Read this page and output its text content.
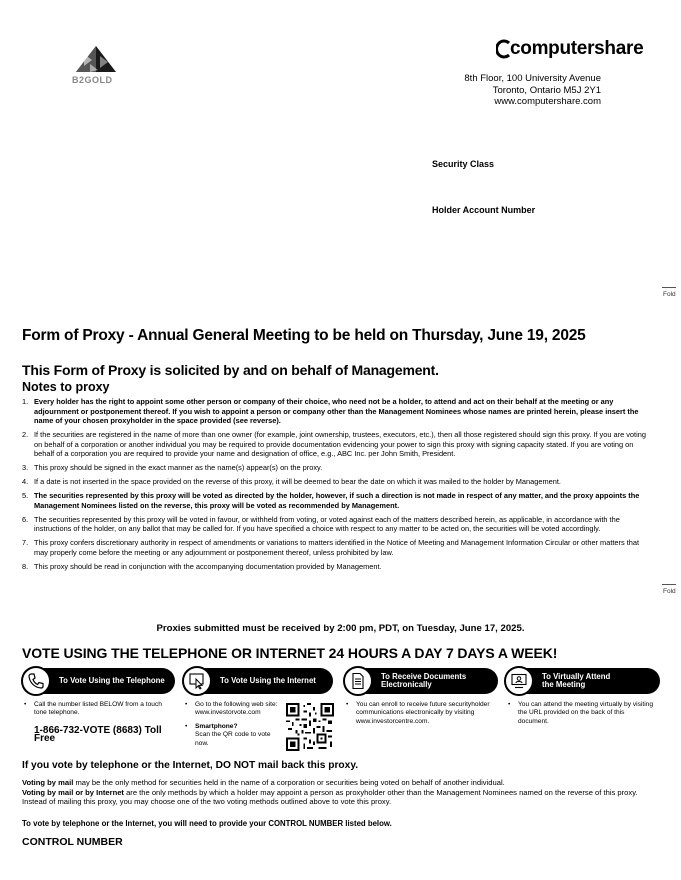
B2GOLD
computershare
8th Floor, 100 University Avenue
Toronto, Ontario M5J 2Y1
www.computershare.com
Security Class
Holder Account Number
Fold
Form of Proxy - Annual General Meeting to be held on Thursday, June 19, 2025
This Form of Proxy is solicited by and on behalf of Management.
Notes to proxy
1. Every holder has the right to appoint some other person or company of their choice, who need not be a holder, to attend and act on their behalf at the meeting or any adjournment or postponement thereof. If you wish to appoint a person or company other than the Management Nominees whose names are printed herein, please insert the name of your chosen proxyholder in the space provided (see reverse).
2. If the securities are registered in the name of more than one owner (for example, joint ownership, trustees, executors, etc.), then all those registered should sign this proxy. If you are voting on behalf of a corporation or another individual you may be required to provide documentation evidencing your power to sign this proxy with signing capacity stated. If you are voting on behalf of a corporation you are required to provide your name and designation of office, e.g., ABC Inc. per John Smith, President.
3. This proxy should be signed in the exact manner as the name(s) appear(s) on the proxy.
4. If a date is not inserted in the space provided on the reverse of this proxy, it will be deemed to bear the date on which it was mailed to the holder by Management.
5. The securities represented by this proxy will be voted as directed by the holder, however, if such a direction is not made in respect of any matter, and the proxy appoints the Management Nominees listed on the reverse, this proxy will be voted as recommended by Management.
6. The securities represented by this proxy will be voted in favour, or withheld from voting, or voted against each of the matters described herein, as applicable, in accordance with the instructions of the holder, on any ballot that may be called for. If you have specified a choice with respect to any matter to be acted on, the securities will be voted accordingly.
7. This proxy confers discretionary authority in respect of amendments or variations to matters identified in the Notice of Meeting and Management Information Circular or other matters that may properly come before the meeting or any adjournment or postponement thereof, unless prohibited by law.
8. This proxy should be read in conjunction with the accompanying documentation provided by Management.
Fold
Proxies submitted must be received by 2:00 pm, PDT, on Tuesday, June 17, 2025.
VOTE USING THE TELEPHONE OR INTERNET 24 HOURS A DAY 7 DAYS A WEEK!
To Vote Using the Telephone	To Vote Using the Internet	To Receive Documents
Electronically
To Virtually Attend
the Meeting
•	Call the number listed BELOW from a touch tone telephone.
1-866-732-VOTE (8683) Toll Free
•	Go to the following web site: www.investorvote.com
•	Smartphone?
Scan the QR code to vote now.
•	You can enroll to receive future securityholder communications electronically by visiting www.investorcentre.com.
•	You can attend the meeting virtually by visiting the URL provided on the back of this document.
If you vote by telephone or the Internet, DO NOT mail back this proxy.
Voting by mail may be the only method for securities held in the name of a corporation or securities being voted on behalf of another individual.
Voting by mail or by Internet are the only methods by which a holder may appoint a person as proxyholder other than the Management Nominees named on the reverse of this proxy. Instead of mailing this proxy, you may choose one of the two voting methods outlined above to vote this proxy.
To vote by telephone or the Internet, you will need to provide your CONTROL NUMBER listed below.
CONTROL NUMBER
